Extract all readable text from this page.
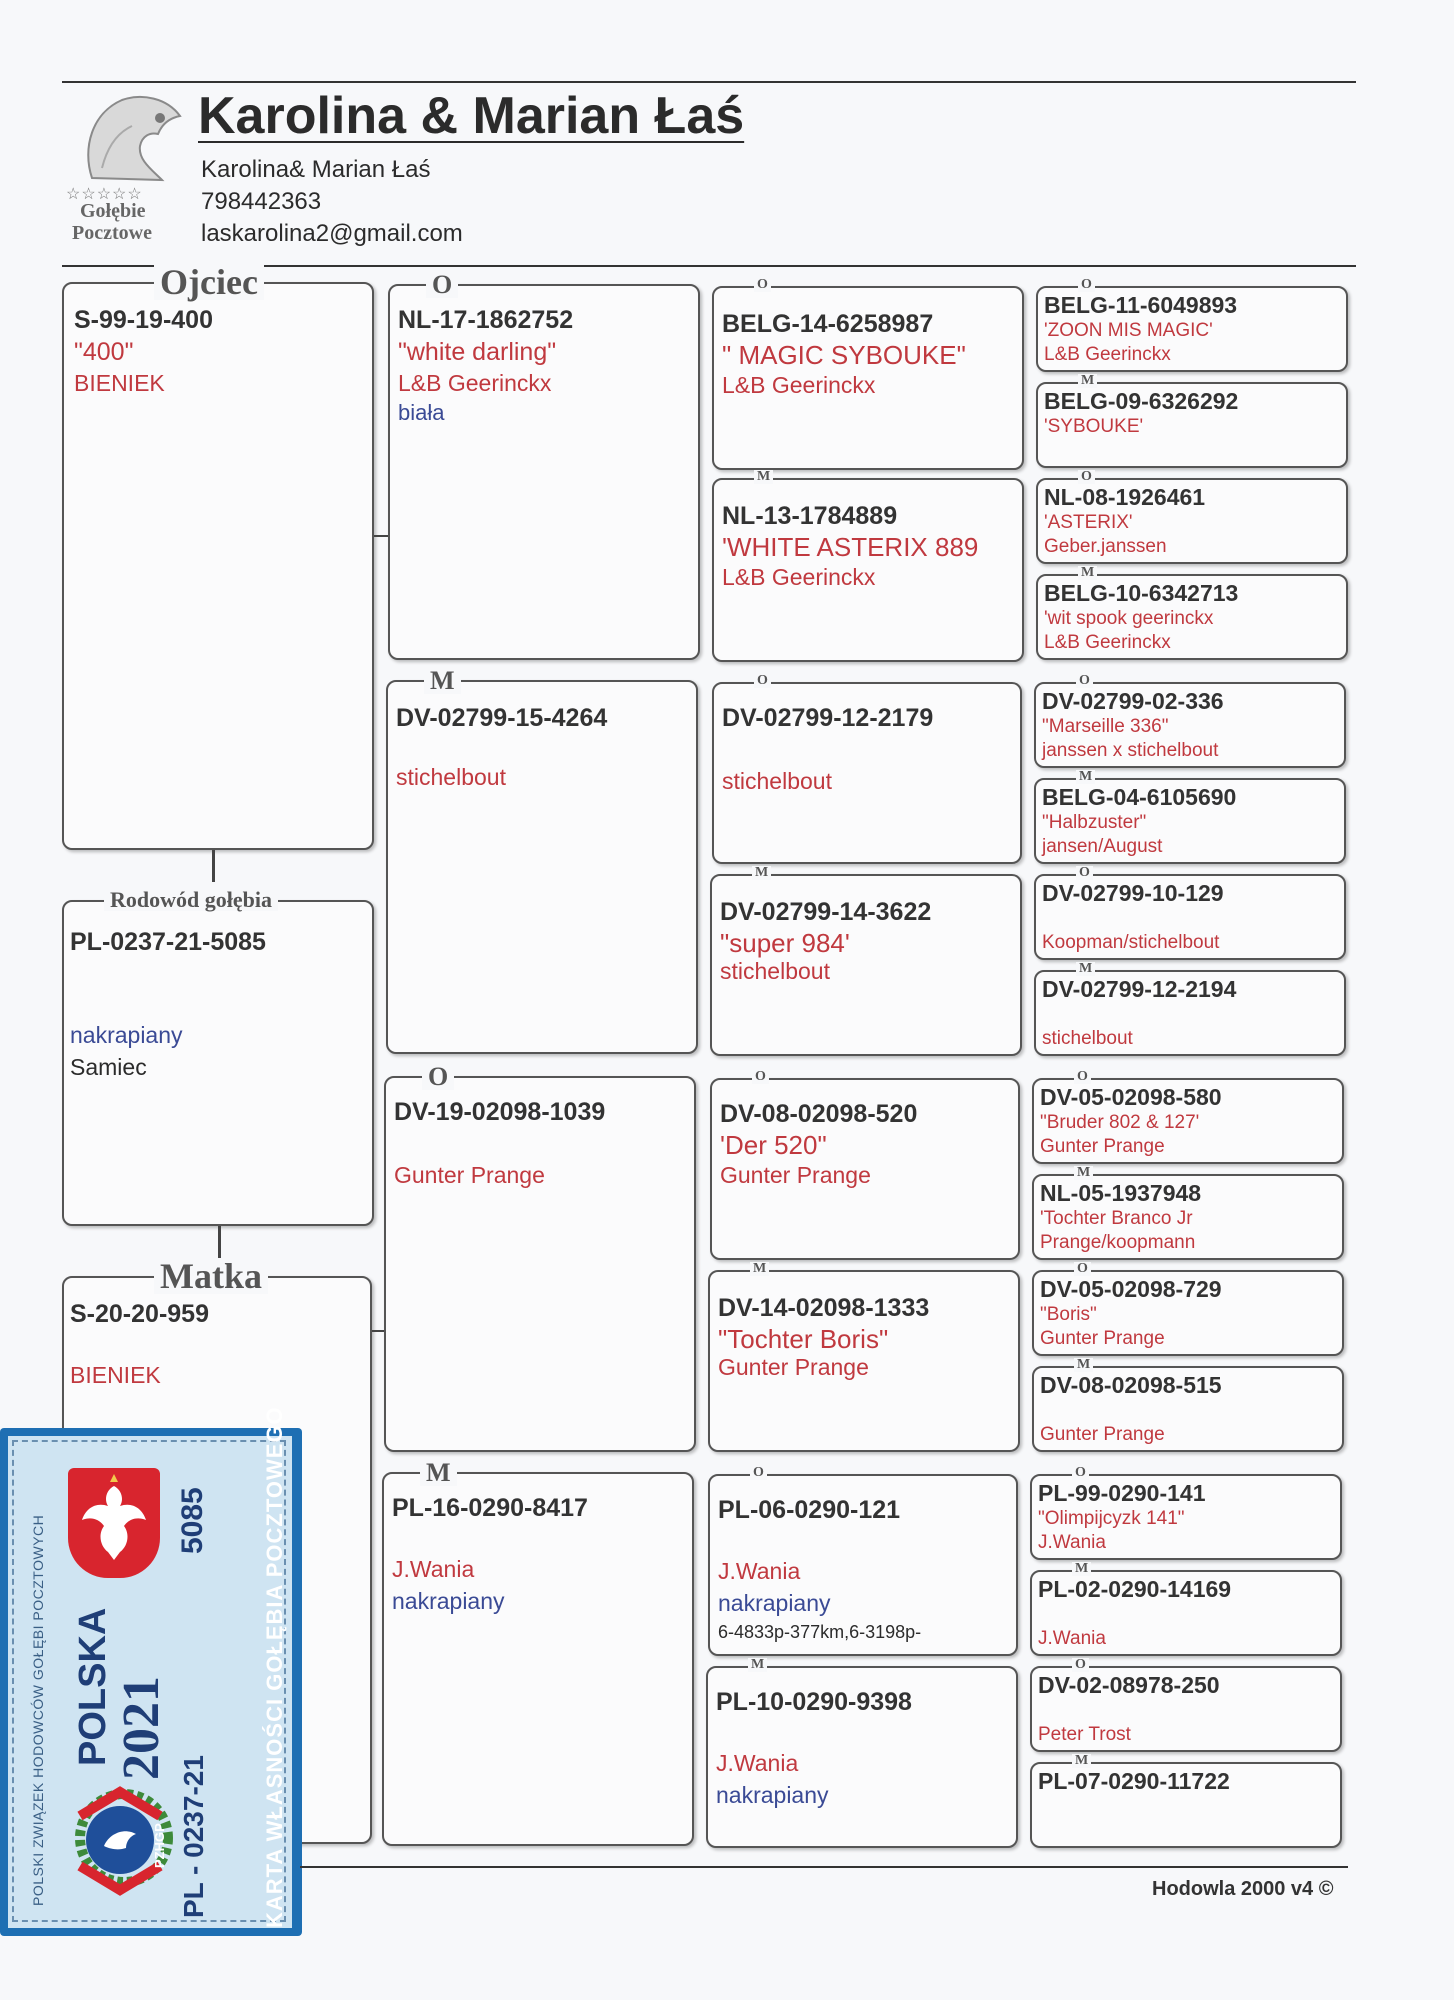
☆☆☆☆☆
Gołębie
Pocztowe
Karolina & Marian Łaś
Karolina& Marian Łaś
798442363
laskarolina2@gmail.com
Ojciec
S-99-19-400
"400"
BIENIEK
Rodowód gołębia
PL-0237-21-5085
nakrapiany
Samiec
Matka
S-20-20-959
BIENIEK
O
NL-17-1862752
"white darling"
L&B Geerinckx
biała
M
DV-02799-15-4264
stichelbout
O
DV-19-02098-1039
Gunter Prange
M
PL-16-0290-8417
J.Wania
nakrapiany
O
BELG-14-6258987
" MAGIC SYBOUKE"
L&B Geerinckx
M
NL-13-1784889
'WHITE ASTERIX 889
L&B Geerinckx
O
DV-02799-12-2179
stichelbout
M
DV-02799-14-3622
"super 984'
stichelbout
O
DV-08-02098-520
'Der 520"
Gunter Prange
M
DV-14-02098-1333
"Tochter Boris"
Gunter Prange
O
PL-06-0290-121
J.Wania
nakrapiany
6-4833p-377km,6-3198p-
M
PL-10-0290-9398
J.Wania
nakrapiany
O
BELG-11-6049893
'ZOON MIS MAGIC'
L&B Geerinckx
M
BELG-09-6326292
'SYBOUKE'
O
NL-08-1926461
'ASTERIX'
Geber.janssen
M
BELG-10-6342713
'wit spook geerinckx
L&B Geerinckx
O
DV-02799-02-336
"Marseille 336"
janssen x stichelbout
M
BELG-04-6105690
"Halbzuster"
jansen/August
O
DV-02799-10-129
Koopman/stichelbout
M
DV-02799-12-2194
stichelbout
O
DV-05-02098-580
"Bruder 802 & 127'
Gunter Prange
M
NL-05-1937948
'Tochter Branco Jr
Prange/koopmann
O
DV-05-02098-729
"Boris"
Gunter Prange
M
DV-08-02098-515
Gunter Prange
O
PL-99-0290-141
"Olimpijcyzk 141"
J.Wania
M
PL-02-0290-14169
J.Wania
O
DV-02-08978-250
Peter Trost
M
PL-07-0290-11722
POLSKI ZWIĄZEK HODOWCÓW GOŁĘBI POCZTOWYCH POLSKA 2021
PZHGP
5085
PL - 0237-21 KARTA WŁASNOŚCI GOŁĘBIA POCZTOWEGO	Hodowla 2000 v4 ©
